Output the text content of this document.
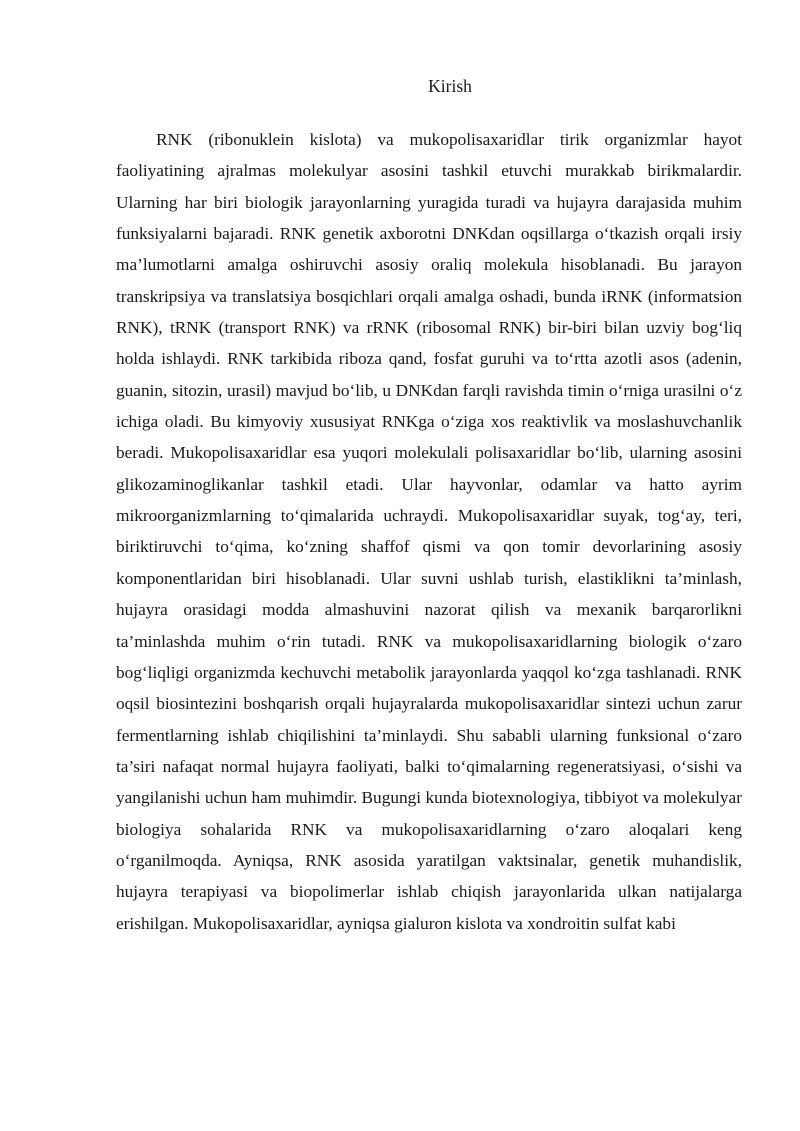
Kirish

RNK (ribonuklein kislota) va mukopolisaxaridlar tirik organizmlar hayot faoliyatining ajralmas molekulyar asosini tashkil etuvchi murakkab birikmalardir. Ularning har biri biologik jarayonlarning yuragida turadi va hujayra darajasida muhim funksiyalarni bajaradi. RNK genetik axborotni DNKdan oqsillarga o‘tkazish orqali irsiy ma’lumotlarni amalga oshiruvchi asosiy oraliq molekula hisoblanadi. Bu jarayon transkripsiya va translatsiya bosqichlari orqali amalga oshadi, bunda iRNK (informatsion RNK), tRNK (transport RNK) va rRNK (ribosomal RNK) bir-biri bilan uzviy bog‘liq holda ishlaydi. RNK tarkibida riboza qand, fosfat guruhi va to‘rtta azotli asos (adenin, guanin, sitozin, urasil) mavjud bo‘lib, u DNKdan farqli ravishda timin o‘rniga urasilni o‘z ichiga oladi. Bu kimyoviy xususiyat RNKga o‘ziga xos reaktivlik va moslashuvchanlik beradi. Mukopolisaxaridlar esa yuqori molekulali polisaxaridlar bo‘lib, ularning asosini glikozaminoglikanlar tashkil etadi. Ular hayvonlar, odamlar va hatto ayrim mikroorganizmlarning to‘qimalarida uchraydi. Mukopolisaxaridlar suyak, tog‘ay, teri, biriktiruvchi to‘qima, ko‘zning shaffof qismi va qon tomir devorlarining asosiy komponentlaridan biri hisoblanadi. Ular suvni ushlab turish, elastiklikni ta’minlash, hujayra orasidagi modda almashuvini nazorat qilish va mexanik barqarorlikni ta’minlashda muhim o‘rin tutadi. RNK va mukopolisaxaridlarning biologik o‘zaro bog‘liqligi organizmda kechuvchi metabolik jarayonlarda yaqqol ko‘zga tashlanadi. RNK oqsil biosintezini boshqarish orqali hujayralarda mukopolisaxaridlar sintezi uchun zarur fermentlarning ishlab chiqilishini ta’minlaydi. Shu sababli ularning funksional o‘zaro ta’siri nafaqat normal hujayra faoliyati, balki to‘qimalarning regeneratsiyasi, o‘sishi va yangilanishi uchun ham muhimdir. Bugungi kunda biotexnologiya, tibbiyot va molekulyar biologiya sohalarida RNK va mukopolisaxaridlarning o‘zaro aloqalari keng o‘rganilmoqda. Ayniqsa, RNK asosida yaratilgan vaktsinalar, genetik muhandislik, hujayra terapiyasi va biopolimerlar ishlab chiqish jarayonlarida ulkan natijalarga erishilgan. Mukopolisaxaridlar, ayniqsa gialuron kislota va xondroitin sulfat kabi
